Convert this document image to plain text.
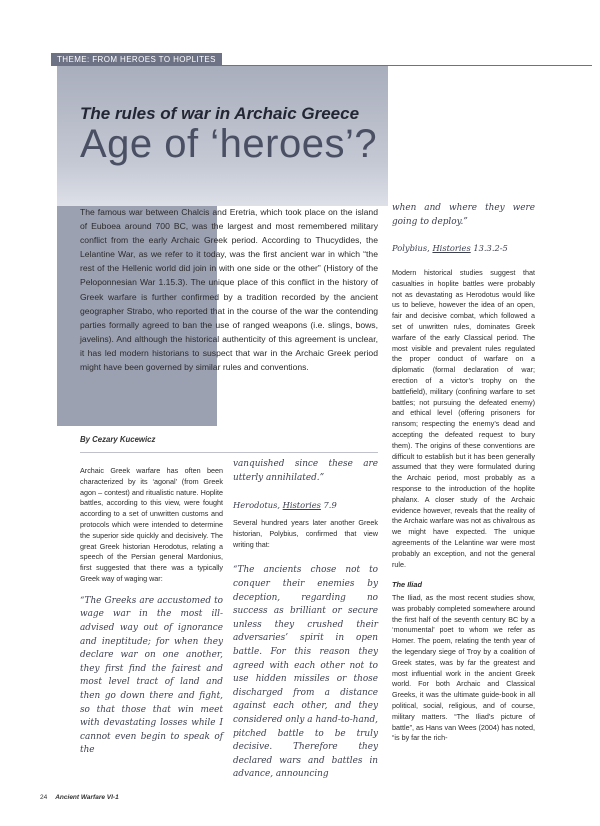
THEME: FROM HEROES TO HOPLITES
The rules of war in Archaic Greece
Age of ‘heroes’?
The famous war between Chalcis and Eretria, which took place on the island of Euboea around 700 BC, was the largest and most remembered military conflict from the early Archaic Greek period. According to Thucydides, the Lelantine War, as we refer to it today, was the first ancient war in which “the rest of the Hellenic world did join in with one side or the other” (History of the Peloponnesian War 1.15.3). The unique place of this conflict in the history of Greek warfare is further confirmed by a tradition recorded by the ancient geographer Strabo, who reported that in the course of the war the contending parties formally agreed to ban the use of ranged weapons (i.e. slings, bows, javelins). And although the historical authenticity of this agreement is unclear, it has led modern historians to suspect that war in the Archaic Greek period might have been governed by similar rules and conventions.
By Cezary Kucewicz

Archaic Greek warfare has often been characterized by its ‘agonal’ (from Greek agon – contest) and ritualistic nature. Hoplite battles, according to this view, were fought according to a set of unwritten customs and protocols which were intended to determine the superior side quickly and decisively. The great Greek historian Herodotus, relating a speech of the Persian general Mardonius, first suggested that there was a typically Greek way of waging war:

“The Greeks are accustomed to wage war in the most ill-advised way out of ignorance and ineptitude; for when they declare war on one another, they first find the fairest and most level tract of land and then go down there and fight, so that those that win meet with devastating losses while I cannot even begin to speak of the

vanquished since these are utterly annihilated.”

Herodotus, Histories 7.9

Several hundred years later another Greek historian, Polybius, confirmed that view writing that:

“The ancients chose not to conquer their enemies by deception, regarding no success as brilliant or secure unless they crushed their adversaries’ spirit in open battle. For this reason they agreed with each other not to use hidden missiles or those discharged from a distance against each other, and they considered only a hand-to-hand, pitched battle to be truly decisive. Therefore they declared wars and battles in advance, announcing

when and where they were going to deploy.”

Polybius, Histories 13.3.2-5

Modern historical studies suggest that casualties in hoplite battles were probably not as devastating as Herodotus would like us to believe, however the idea of an open, fair and decisive combat, which followed a set of unwritten rules, dominates Greek warfare of the early Classical period. The most visible and prevalent rules regulated the proper conduct of warfare on a diplomatic (formal declaration of war; erection of a victor’s trophy on the battlefield), military (confining warfare to set battles; not pursuing the defeated enemy) and ethical level (offering prisoners for ransom; respecting the enemy’s dead and accepting the defeated request to bury them). The origins of these conventions are difficult to establish but it has been generally assumed that they were formulated during the Archaic period, most probably as a response to the introduction of the hoplite phalanx. A closer study of the Archaic evidence however, reveals that the reality of the Archaic warfare was not as chivalrous as we might have expected. The unique agreements of the Lelantine war were most probably an exception, and not the general rule.

The Iliad

The Iliad, as the most recent studies show, was probably completed somewhere around the first half of the seventh century BC by a ‘monumental’ poet to whom we refer as Homer. The poem, relating the tenth year of the legendary siege of Troy by a coalition of Greek states, was by far the greatest and most influential work in the ancient Greek world. For both Archaic and Classical Greeks, it was the ultimate guide-book in all political, social, religious, and of course, military matters. “The Iliad’s picture of battle”, as Hans van Wees (2004) has noted, “is by far the rich-

24 Ancient Warfare VI-1
